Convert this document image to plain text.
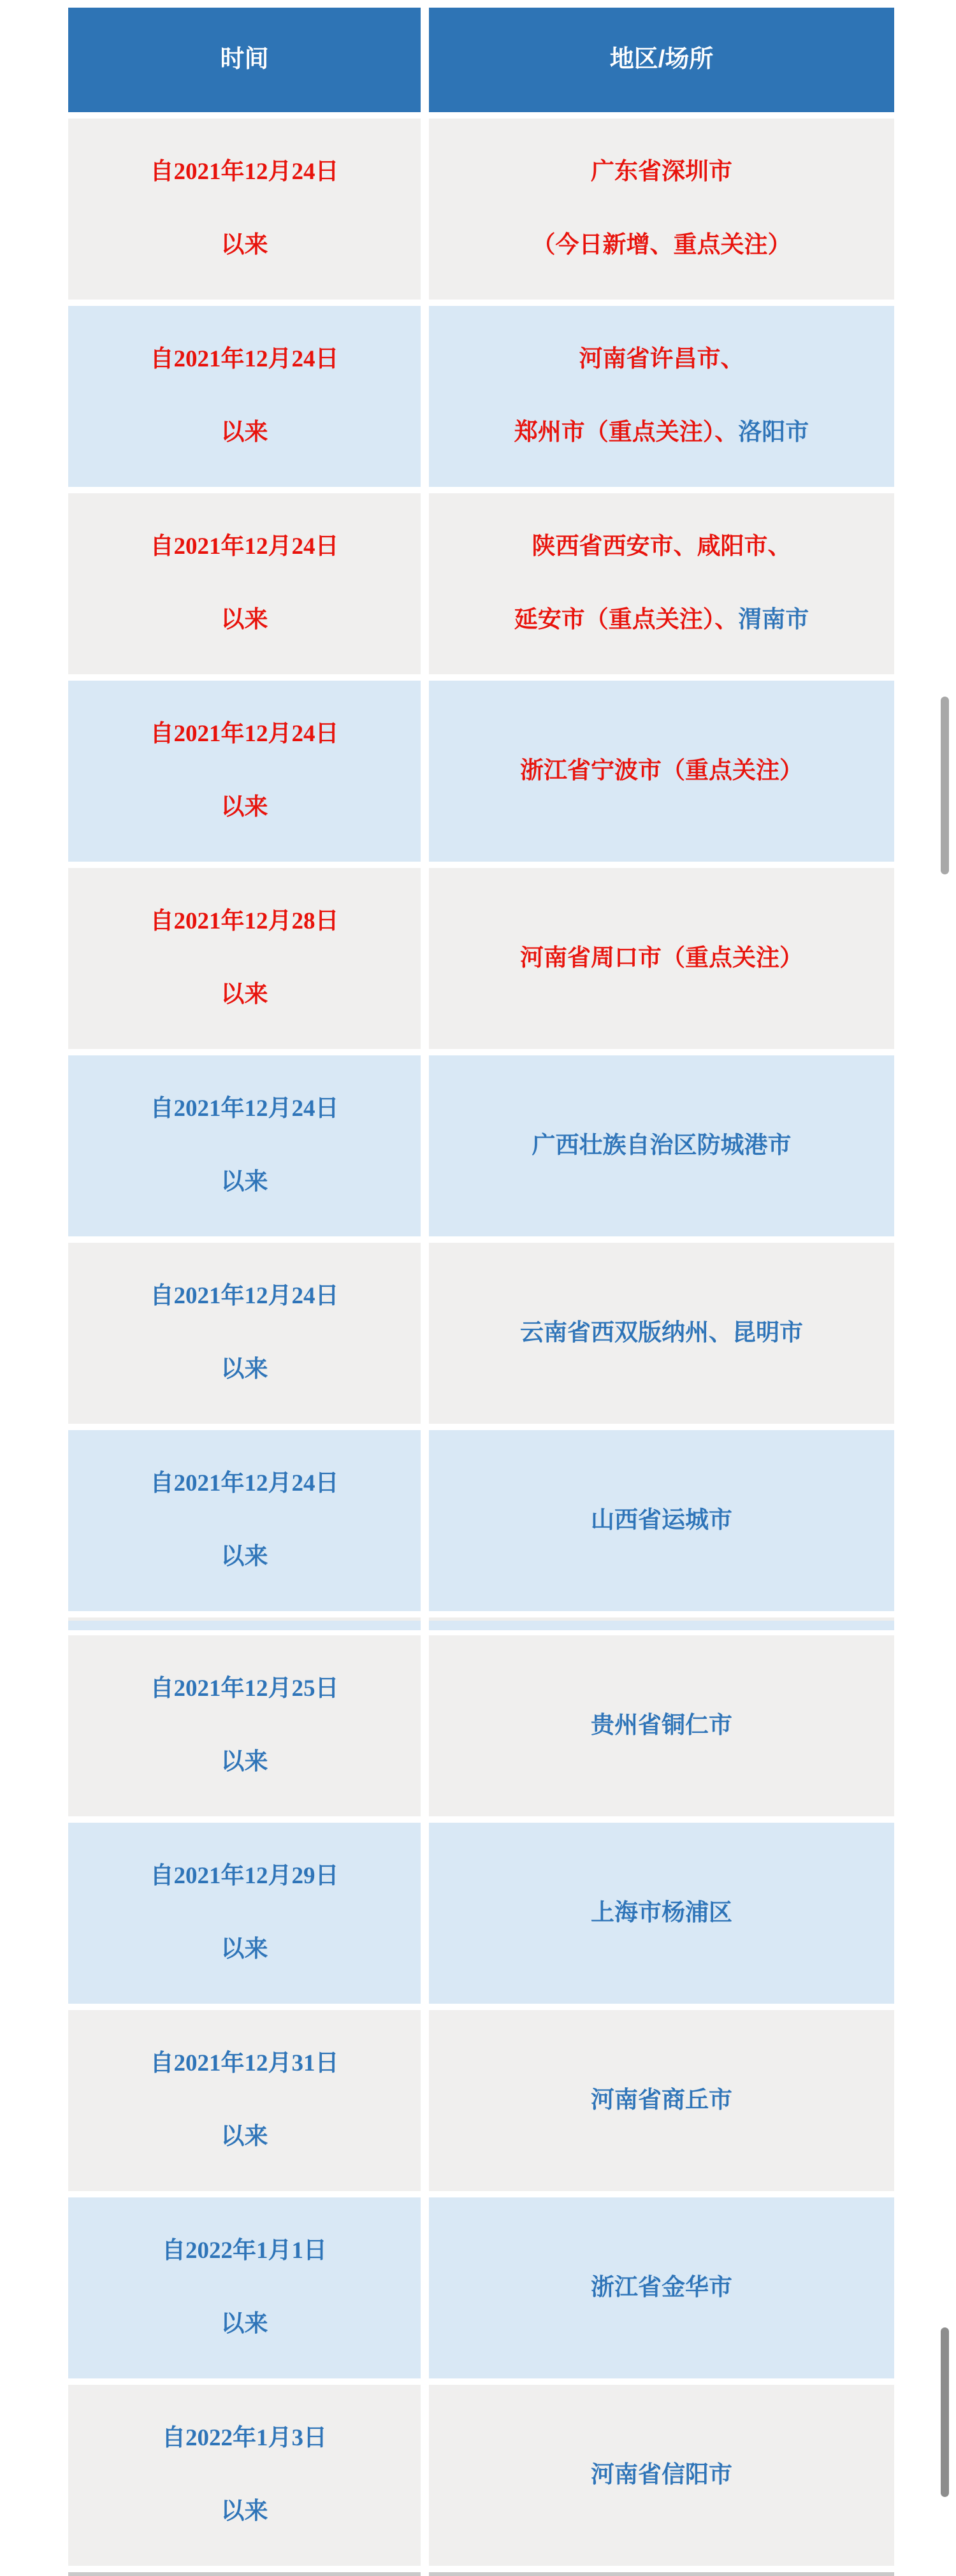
时间	地区/场所
自2021年12月24日
以来
广东省深圳市
（今日新增、重点关注）
自2021年12月24日
以来
河南省许昌市、
郑州市（重点关注）、洛阳市
自2021年12月24日
以来
陕西省西安市、咸阳市、
延安市（重点关注）、渭南市
自2021年12月24日
以来
浙江省宁波市（重点关注）
自2021年12月28日
以来
河南省周口市（重点关注）
自2021年12月24日
以来
广西壮族自治区防城港市
自2021年12月24日
以来
云南省西双版纳州、昆明市
自2021年12月24日
以来
山西省运城市
自2021年12月25日
以来
贵州省铜仁市
自2021年12月29日
以来
上海市杨浦区
自2021年12月31日
以来
河南省商丘市
自2022年1月1日
以来
浙江省金华市
自2022年1月3日
以来
河南省信阳市
